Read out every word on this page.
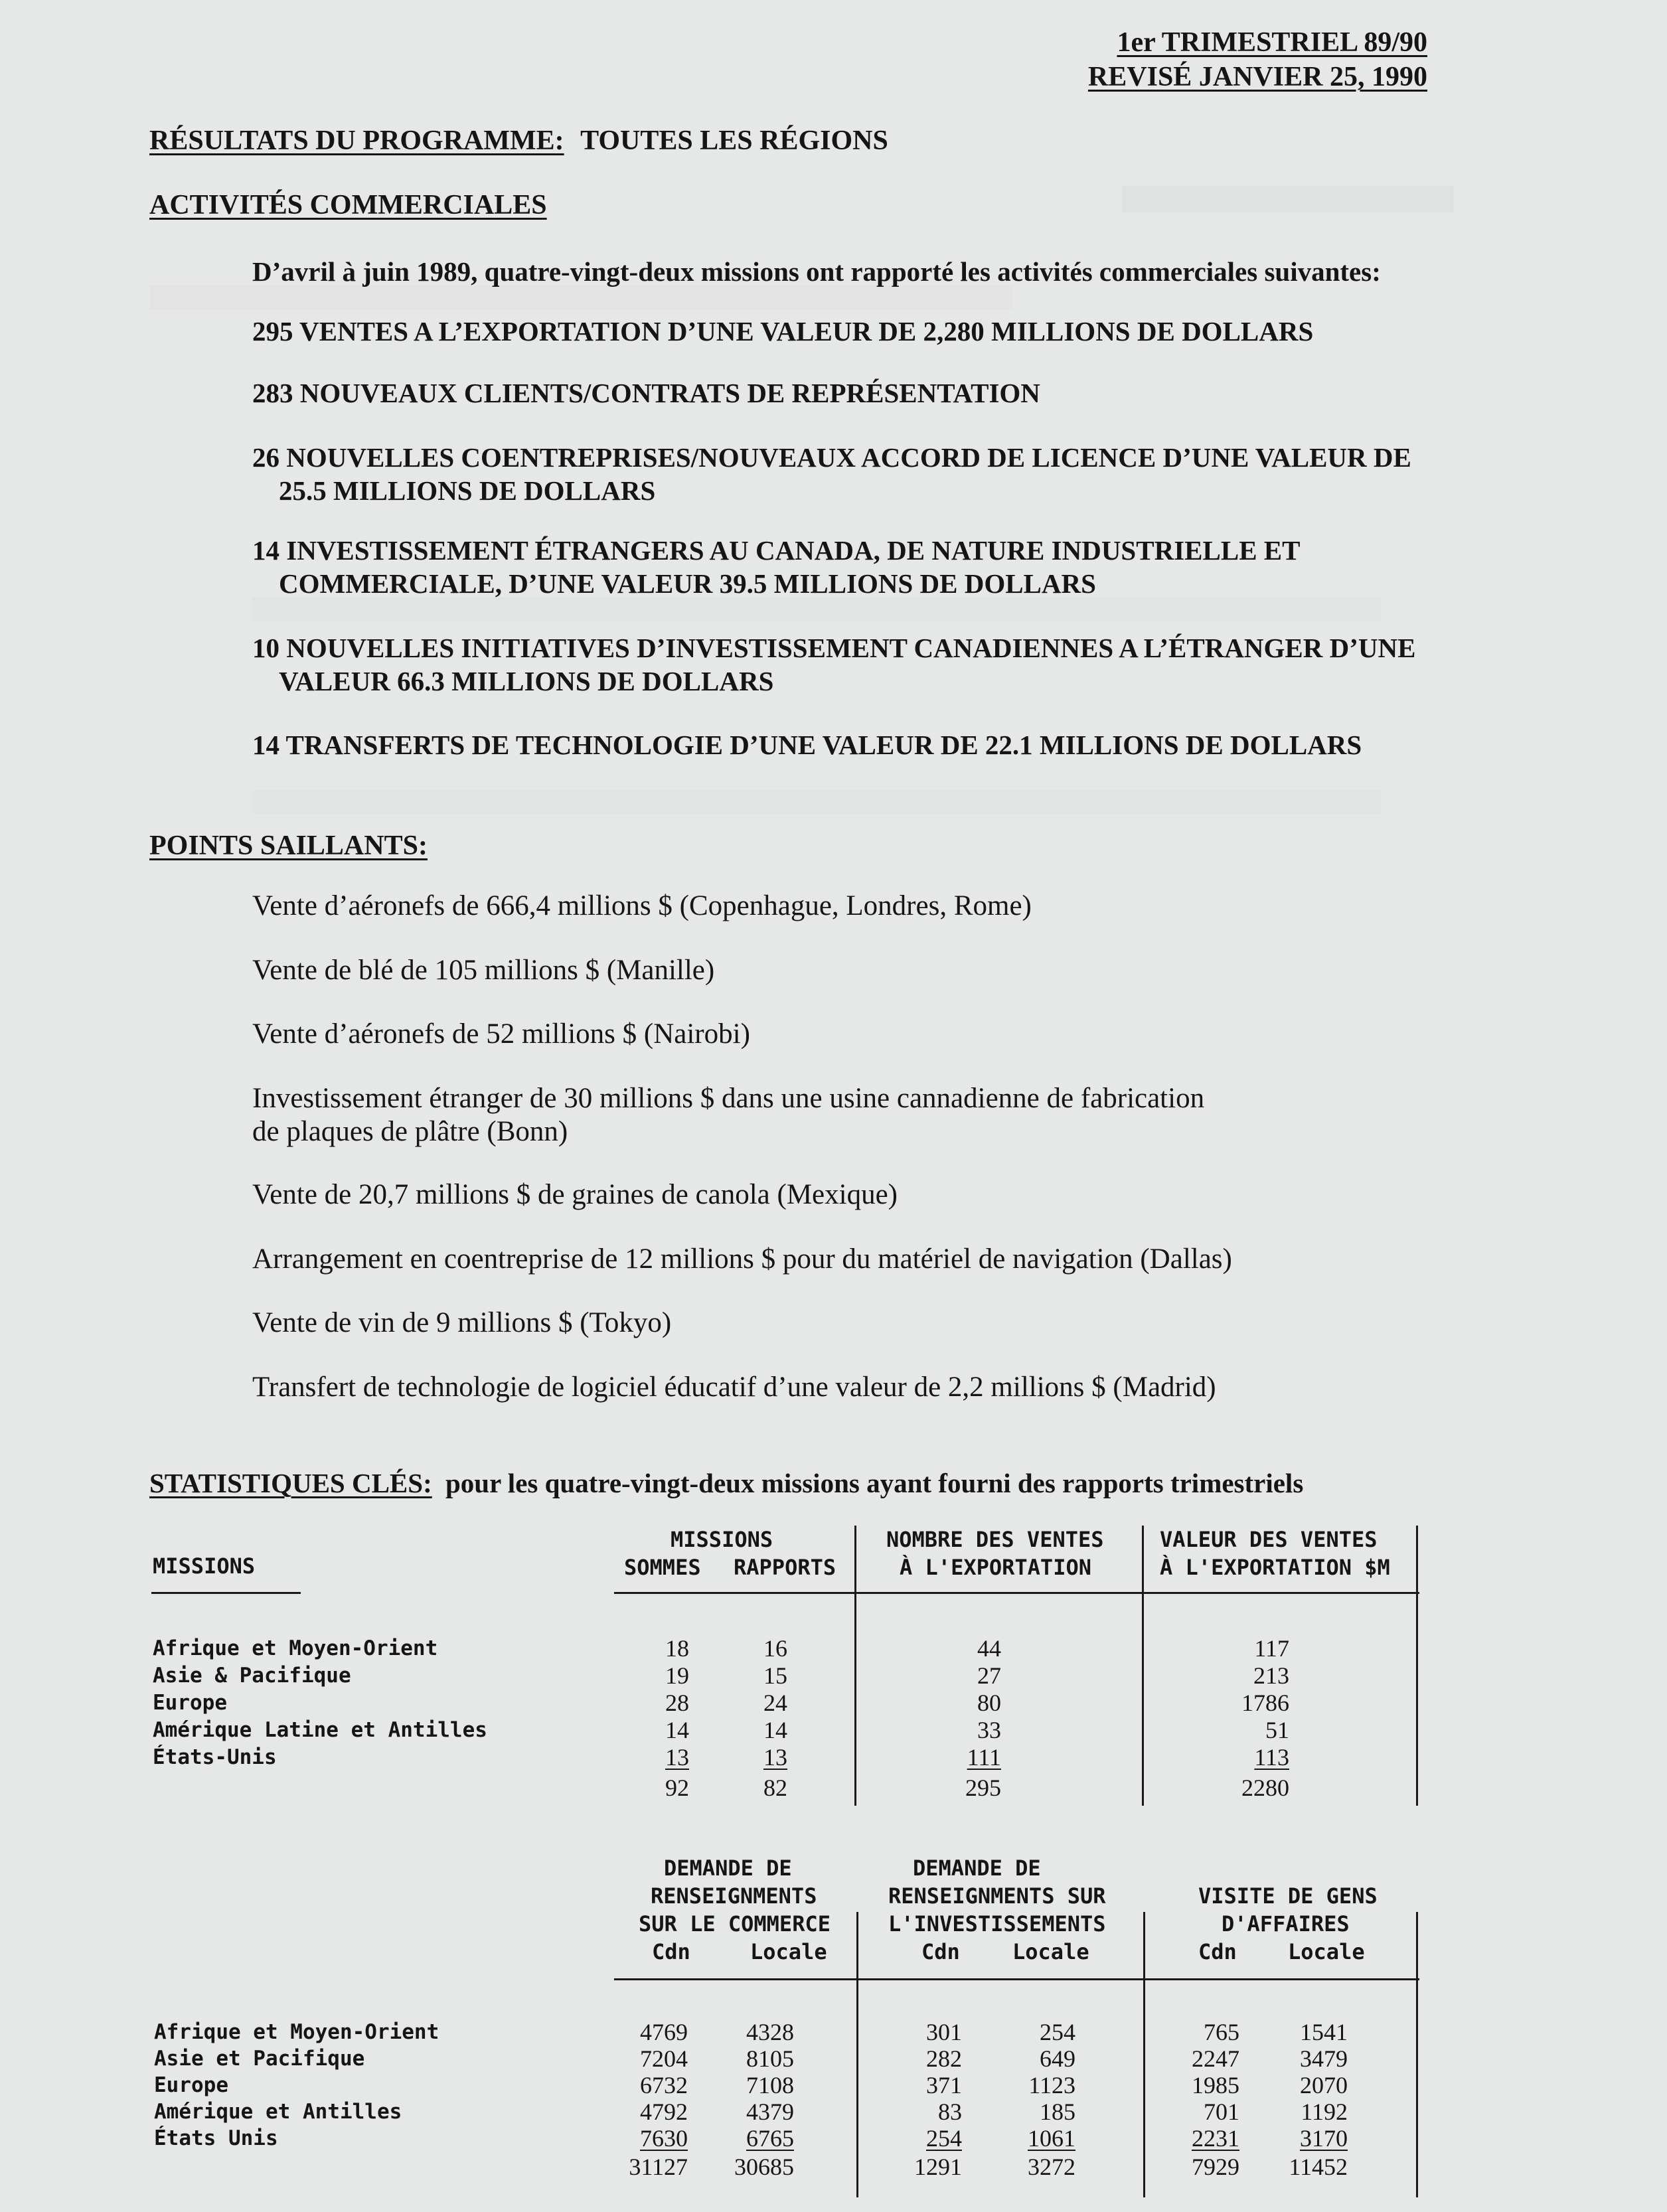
1er TRIMESTRIEL 89/90
REVISÉ JANVIER 25, 1990
RÉSULTATS DU PROGRAMME: TOUTES LES RÉGIONS
ACTIVITÉS COMMERCIALES
D’avril à juin 1989, quatre-vingt-deux missions ont rapporté les activités commerciales suivantes:
295 VENTES A L’EXPORTATION D’UNE VALEUR DE 2,280 MILLIONS DE DOLLARS
283 NOUVEAUX CLIENTS/CONTRATS DE REPRÉSENTATION
26 NOUVELLES COENTREPRISES/NOUVEAUX ACCORD DE LICENCE D’UNE VALEUR DE
25.5 MILLIONS DE DOLLARS
14 INVESTISSEMENT ÉTRANGERS AU CANADA, DE NATURE INDUSTRIELLE ET
COMMERCIALE, D’UNE VALEUR 39.5 MILLIONS DE DOLLARS
10 NOUVELLES INITIATIVES D’INVESTISSEMENT CANADIENNES A L’ÉTRANGER D’UNE
VALEUR 66.3 MILLIONS DE DOLLARS
14 TRANSFERTS DE TECHNOLOGIE D’UNE VALEUR DE 22.1 MILLIONS DE DOLLARS
POINTS SAILLANTS:
Vente d’aéronefs de 666,4 millions $ (Copenhague, Londres, Rome)
Vente de blé de 105 millions $ (Manille)
Vente d’aéronefs de 52 millions $ (Nairobi)
Investissement étranger de 30 millions $ dans une usine cannadienne de fabrication
de plaques de plâtre (Bonn)
Vente de 20,7 millions $ de graines de canola (Mexique)
Arrangement en coentreprise de 12 millions $ pour du matériel de navigation (Dallas)
Vente de vin de 9 millions $ (Tokyo)
Transfert de technologie de logiciel éducatif d’une valeur de 2,2 millions $ (Madrid)
STATISTIQUES CLÉS: pour les quatre-vingt-deux missions ayant fourni des rapports trimestriels
MISSIONS
MISSIONS
SOMMES RAPPORTS
NOMBRE DES VENTES
À L'EXPORTATION
VALEUR DES VENTES
À L'EXPORTATION $M
Afrique et Moyen-Orient
Asie & Pacifique
Europe
Amérique Latine et Antilles
États-Unis
18
19
28
14
13
92
16
15
24
14
13
82
44
27
80
33
111
295
117
213
1786
51
113
2280
DEMANDE DE
RENSEIGNMENTS
SUR LE COMMERCE
Cdn	Locale
DEMANDE DE
RENSEIGNMENTS SUR
L'INVESTISSEMENTS
Cdn Locale
VISITE DE GENS
D'AFFAIRES
Cdn Locale
Afrique et Moyen-Orient
Asie et Pacifique
Europe
Amérique et Antilles
États Unis
4769
7204
6732
4792
7630
31127
4328
8105
7108
4379
6765
30685
301
282
371
83
254
1291
254
649
1123
185
1061
3272
765
2247
1985
701
2231
7929
1541
3479
2070
1192
3170
11452
